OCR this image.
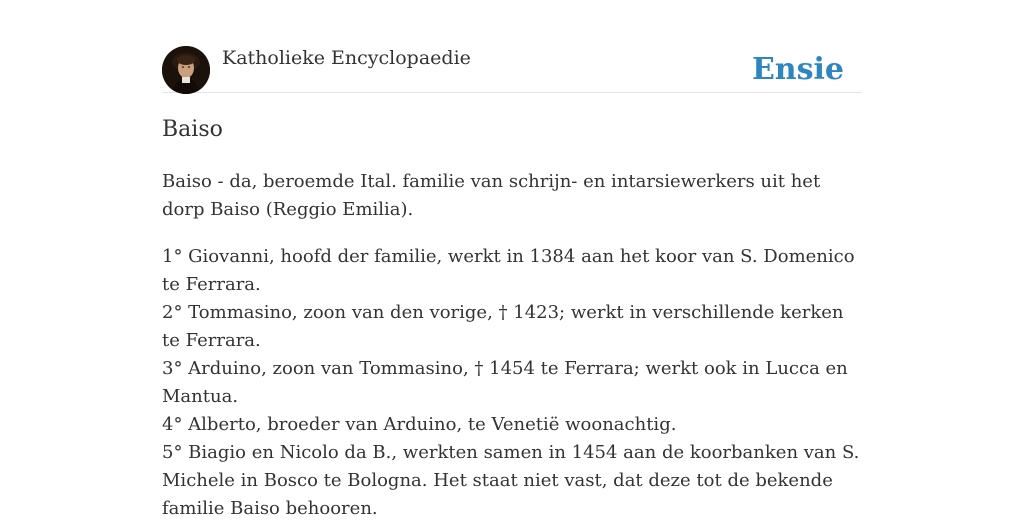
Katholieke Encyclopaedie	Ensie
Baiso

Baiso - da, beroemde Ital. familie van schrijn- en intarsiewerkers uit het dorp Baiso (Reggio Emilia).

1° Giovanni, hoofd der familie, werkt in 1384 aan het koor van S. Domenico te Ferrara.
2° Tommasino, zoon van den vorige, † 1423; werkt in verschillende kerken te Ferrara.
3° Arduino, zoon van Tommasino, † 1454 te Ferrara; werkt ook in Lucca en Mantua.
4° Alberto, broeder van Arduino, te Venetië woonachtig.
5° Biagio en Nicolo da B., werkten samen in 1454 aan de koorbanken van S. Michele in Bosco te Bologna. Het staat niet vast, dat deze tot de bekende familie Baiso behooren.
